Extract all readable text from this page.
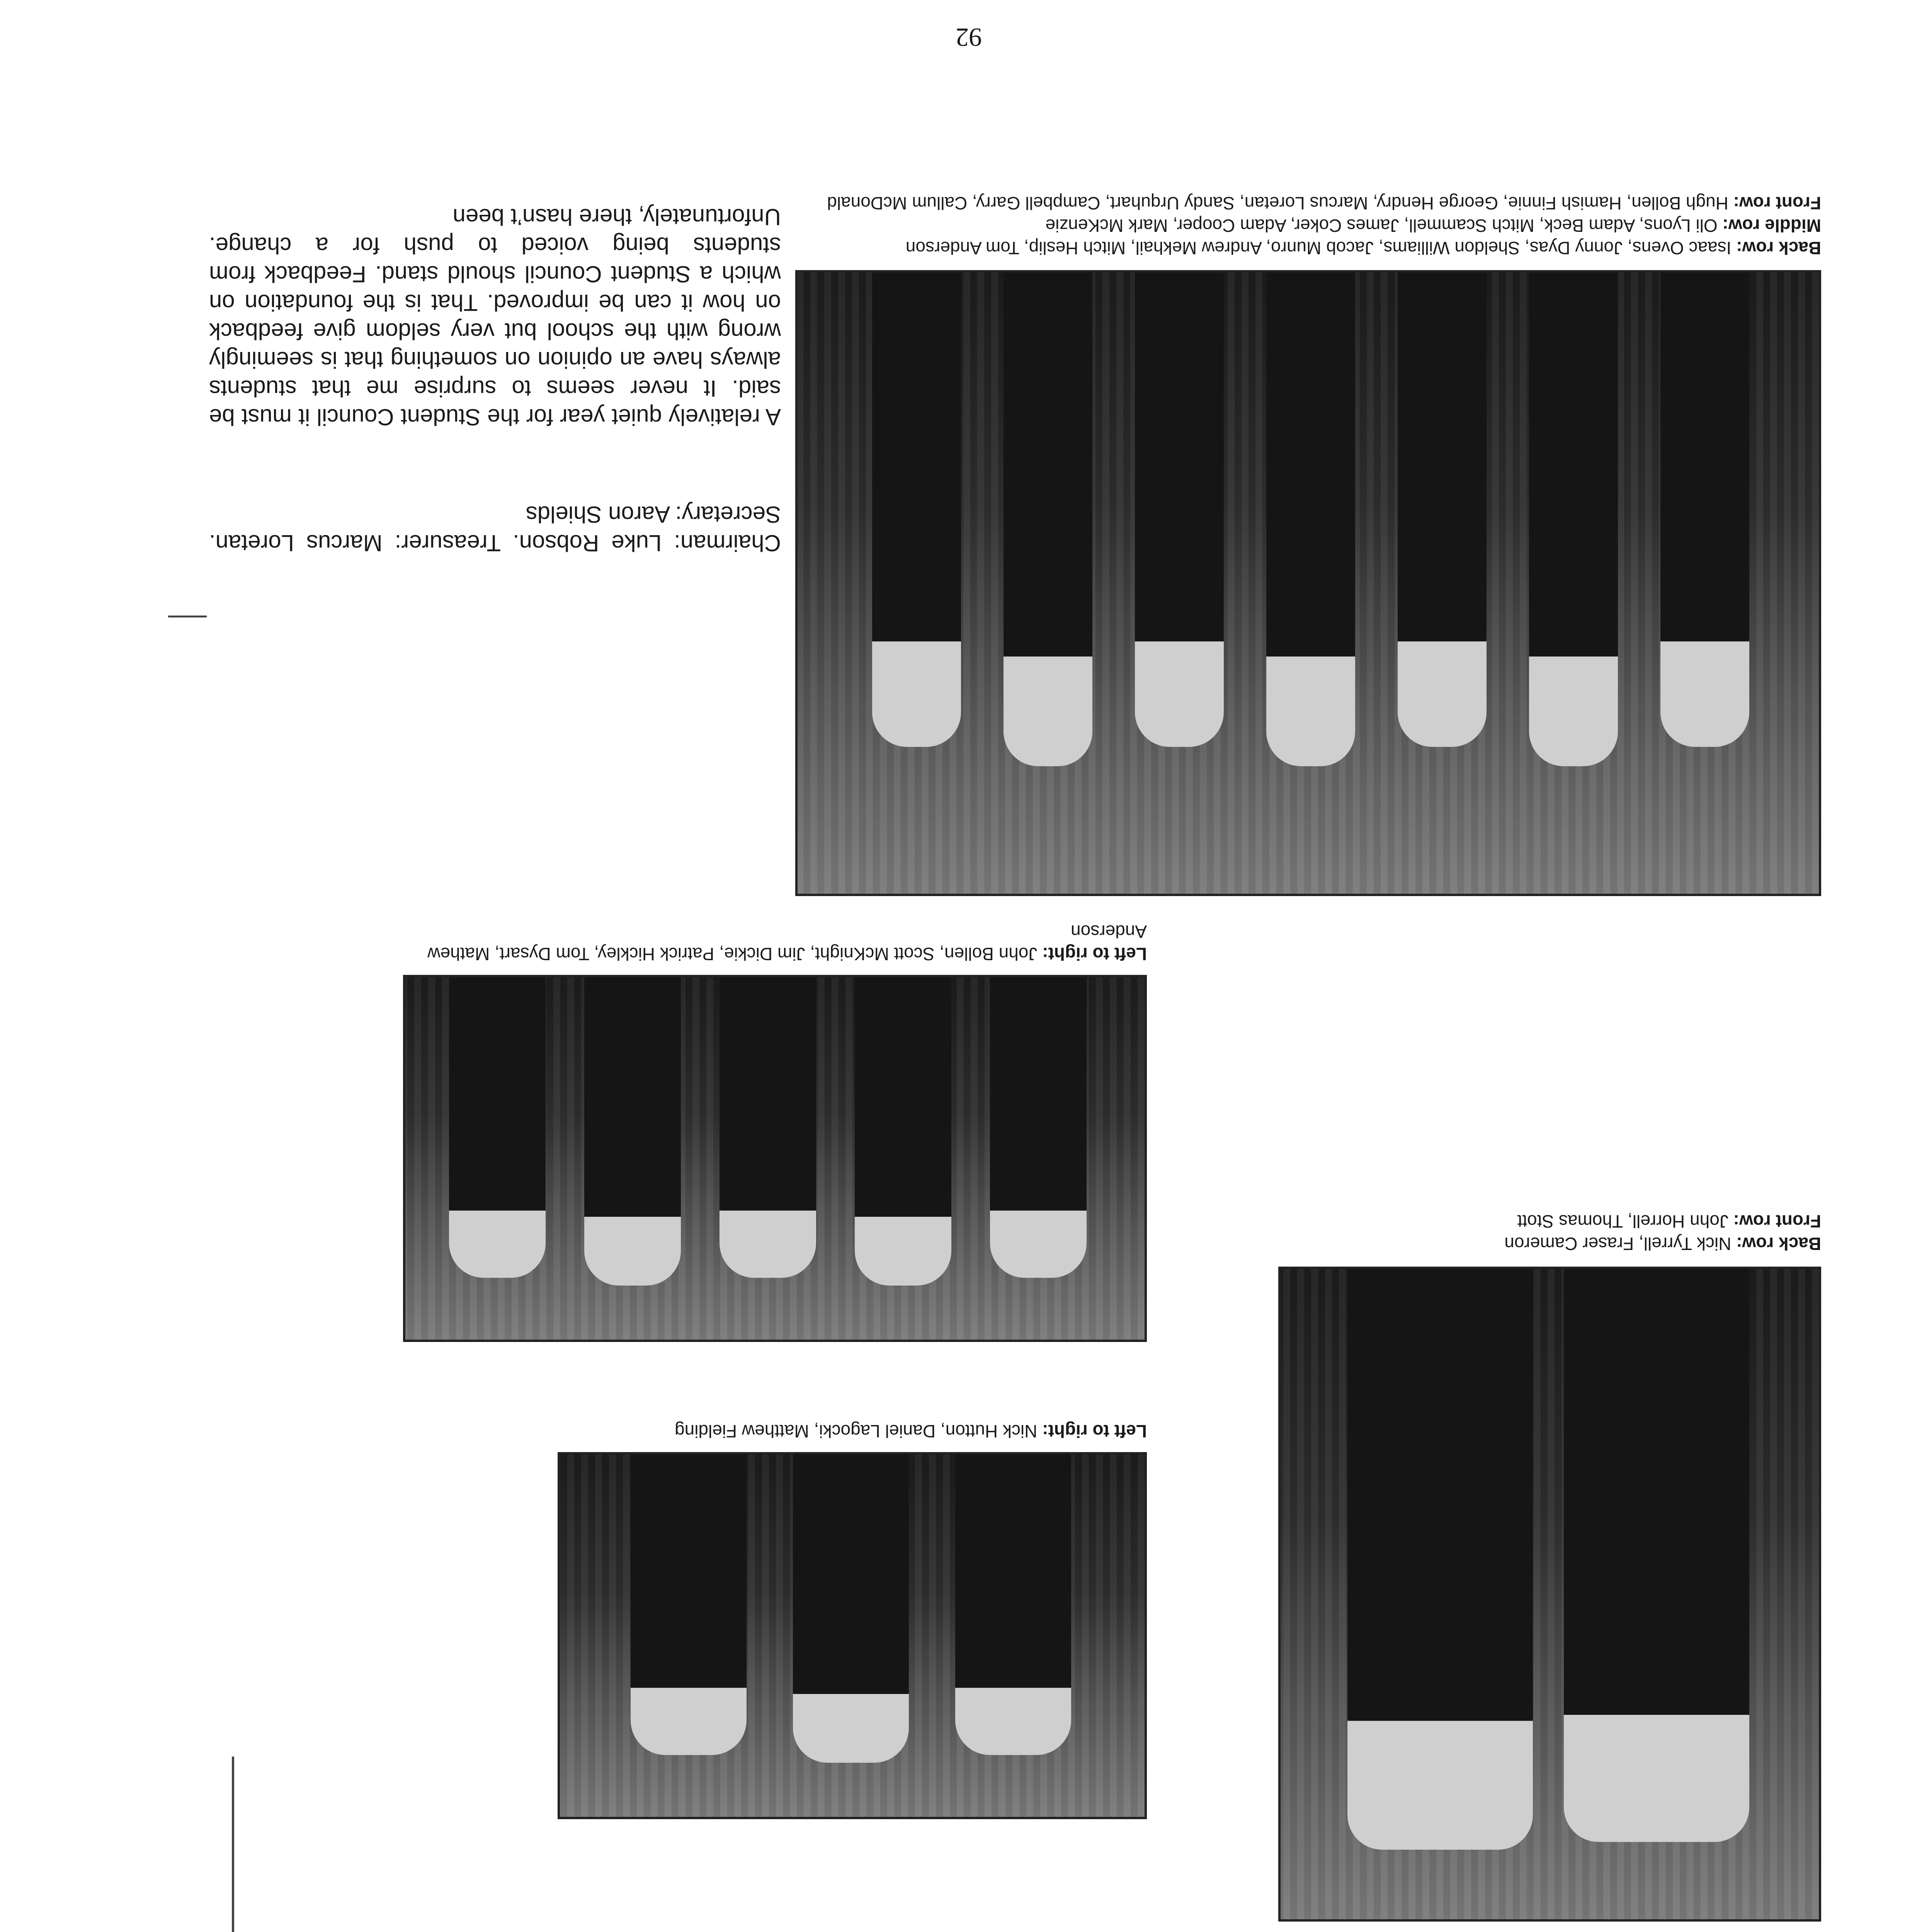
Back row: Isaac Ovens, Jonny Dyas, Sheldon Williams, Jacob Munro, Andrew Mekhail, Mitch Heslip, Tom Anderson
Middle row: Oli Lyons, Adam Beck, Mitch Scammell, James Coker, Adam Cooper, Mark McKenzie
Front row: Hugh Bollen, Hamish Finnie, George Hendry, Marcus Loretan, Sandy Urquhart, Campbell Garry, Callum McDonald
Left to right: John Bollen, Scott McKnight, Jim Dickie, Patrick Hickley, Tom Dysart, Mathew Anderson
Left to right: Nick Hutton, Daniel Lagocki, Matthew Fielding
Back row: Nick Tyrrell, Fraser Cameron
Front row: John Horrell, Thomas Stott
Chairman: Luke Robson. Treasurer: Marcus Loretan. Secretary: Aaron Shields
A relatively quiet year for the Student Council it must be said. It never seems to surprise me that students always have an opinion on something that is seemingly wrong with the school but very seldom give feedback on how it can be improved. That is the foundation on which a Student Council should stand. Feedback from students being voiced to push for a change. Unfortunately, there hasn’t been
92
